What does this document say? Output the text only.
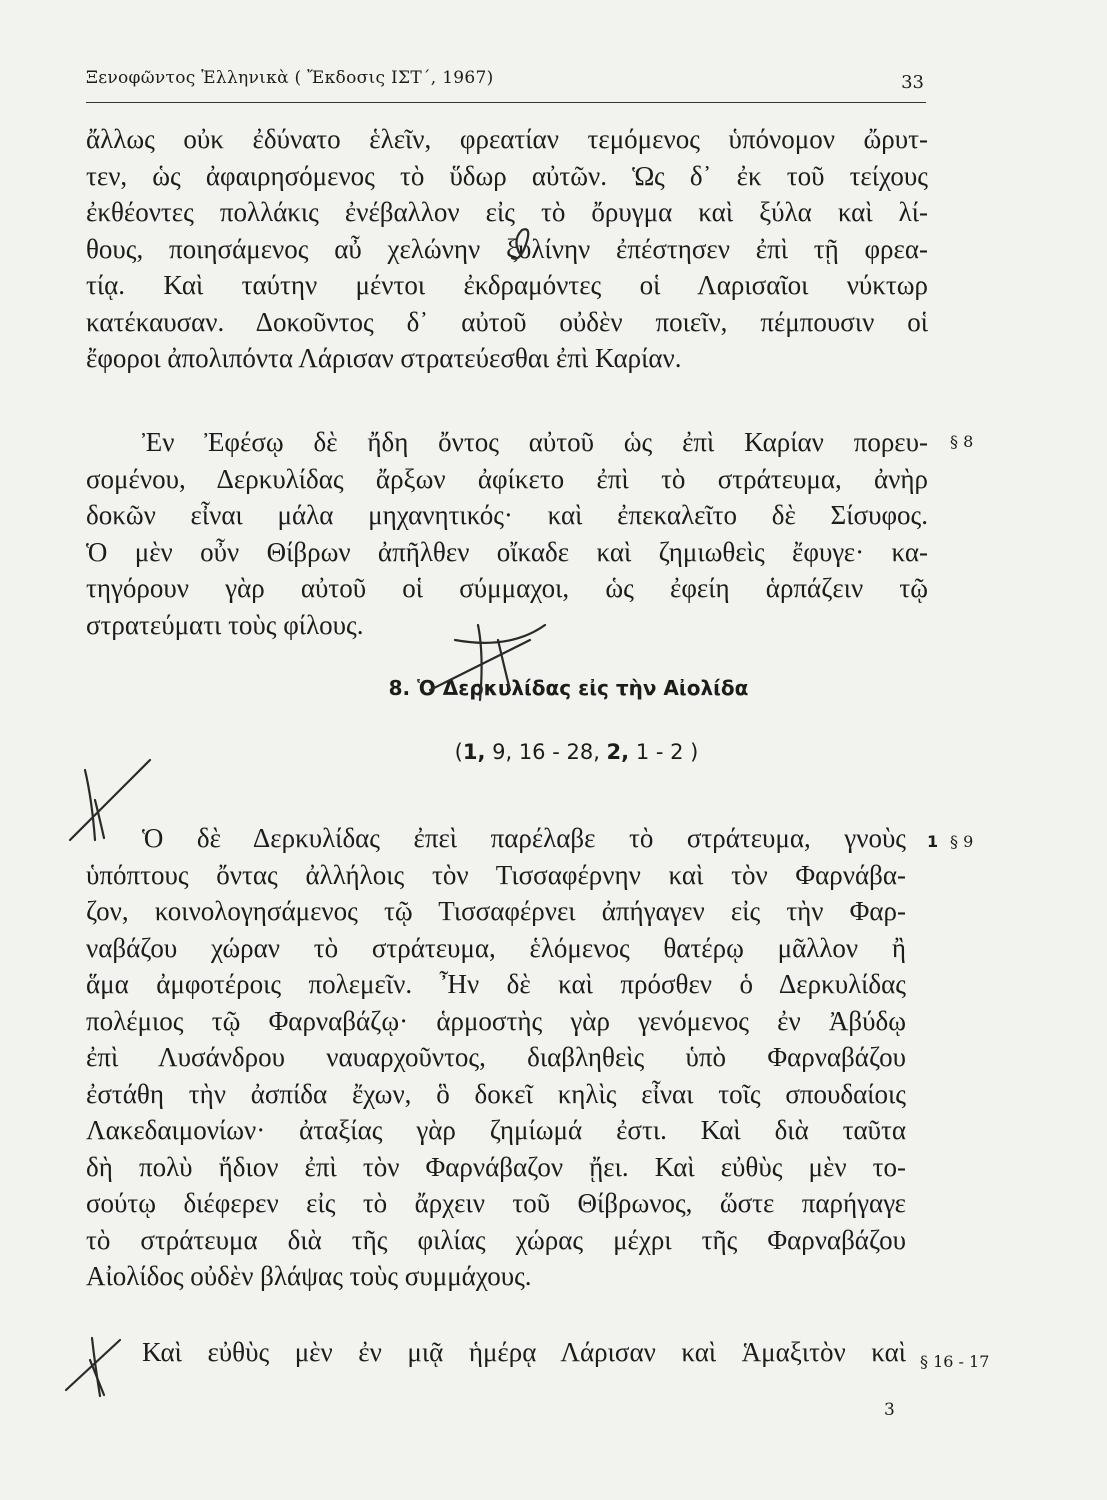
Ξενοφῶντος Ἑλληνικὰ ( Ἔκδοσις ΙΣΤ΄, 1967)	33
ἄλλως οὐκ ἐδύνατο ἑλεῖν, φρεατίαν τεμόμενος ὑπόνομον ὤρυτ-
τεν, ὡς ἀφαιρησόμενος τὸ ὕδωρ αὐτῶν. Ὡς δ᾽ ἐκ τοῦ τείχους
ἐκθέοντες πολλάκις ἐνέβαλλον εἰς τὸ ὄρυγμα καὶ ξύλα καὶ λί-
θους, ποιησάμενος αὖ χελώνην ξυλίνην ἐπέστησεν ἐπὶ τῇ φρεα-
τίᾳ. Καὶ ταύτην μέντοι ἐκδραμόντες οἱ Λαρισαῖοι νύκτωρ
κατέκαυσαν. Δοκοῦντος δ᾽ αὐτοῦ οὐδὲν ποιεῖν, πέμπουσιν οἱ
ἔφοροι ἀπολιπόντα Λάρισαν στρατεύεσθαι ἐπὶ Καρίαν.
Ἐν Ἐφέσῳ δὲ ἤδη ὄντος αὐτοῦ ὡς ἐπὶ Καρίαν πορευ-
σομένου, Δερκυλίδας ἄρξων ἀφίκετο ἐπὶ τὸ στράτευμα, ἀνὴρ
δοκῶν εἶναι μάλα μηχανητικός· καὶ ἐπεκαλεῖτο δὲ Σίσυφος.
Ὁ μὲν οὖν Θίβρων ἀπῆλθεν οἴκαδε καὶ ζημιωθεὶς ἔφυγε· κα-
τηγόρουν γὰρ αὐτοῦ οἱ σύμμαχοι, ὡς ἐφείη ἁρπάζειν τῷ
στρατεύματι τοὺς φίλους.
§ 8
8. Ὁ Δερκυλίδας εἰς τὴν Αἰολίδα
(1, 9, 16 - 28, 2, 1 - 2 )
Ὁ δὲ Δερκυλίδας ἐπεὶ παρέλαβε τὸ στράτευμα, γνοὺς
ὑπόπτους ὄντας ἀλλήλοις τὸν Τισσαφέρνην καὶ τὸν Φαρνάβα-
ζον, κοινολογησάμενος τῷ Τισσαφέρνει ἀπήγαγεν εἰς τὴν Φαρ-
ναβάζου χώραν τὸ στράτευμα, ἑλόμενος θατέρῳ μᾶλλον ἢ
ἅμα ἀμφοτέροις πολεμεῖν. Ἦν δὲ καὶ πρόσθεν ὁ Δερκυλίδας
πολέμιος τῷ Φαρναβάζῳ· ἁρμοστὴς γὰρ γενόμενος ἐν Ἀβύδῳ
ἐπὶ Λυσάνδρου ναυαρχοῦντος, διαβληθεὶς ὑπὸ Φαρναβάζου
ἐστάθη τὴν ἀσπίδα ἔχων, ὃ δοκεῖ κηλὶς εἶναι τοῖς σπουδαίοις
Λακεδαιμονίων· ἀταξίας γὰρ ζημίωμά ἐστι. Καὶ διὰ ταῦτα
δὴ πολὺ ἥδιον ἐπὶ τὸν Φαρνάβαζον ᾔει. Καὶ εὐθὺς μὲν το-
σούτῳ διέφερεν εἰς τὸ ἄρχειν τοῦ Θίβρωνος, ὥστε παρήγαγε
τὸ στράτευμα διὰ τῆς φιλίας χώρας μέχρι τῆς Φαρναβάζου
Αἰολίδος οὐδὲν βλάψας τοὺς συμμάχους.
1 § 9
Καὶ εὐθὺς μὲν ἐν μιᾷ ἡμέρᾳ Λάρισαν καὶ Ἁμαξιτὸν καὶ § 16 - 17
3
